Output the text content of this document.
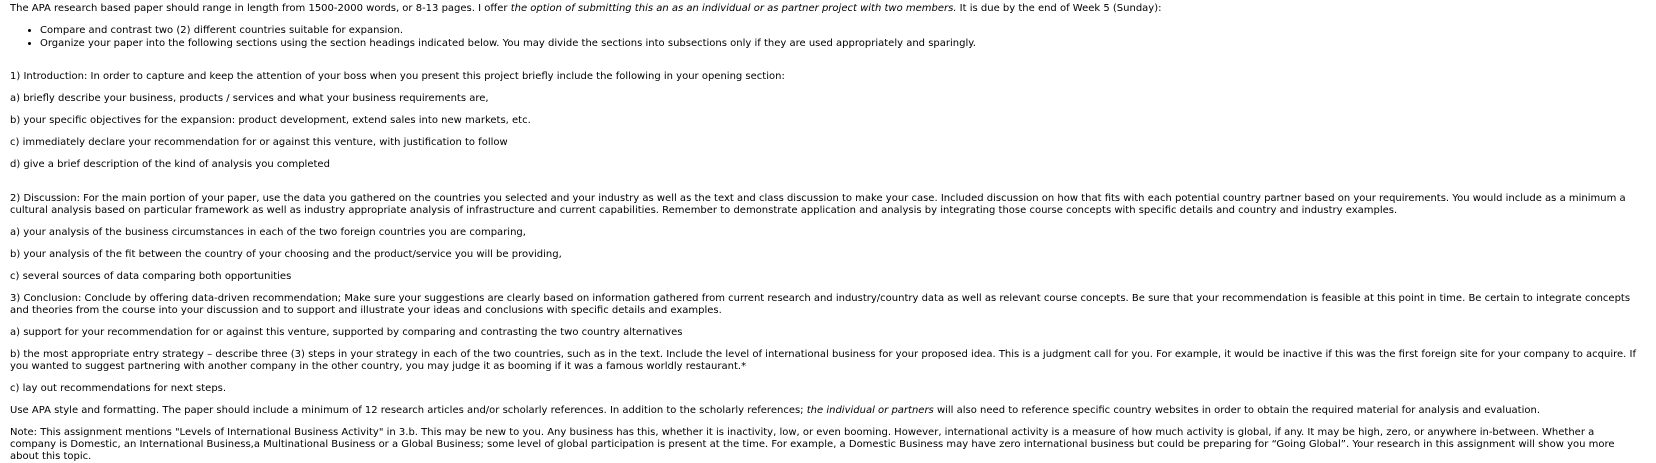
The APA research based paper should range in length from 1500-2000 words, or 8-13 pages. I offer the option of submitting this an as an individual or as partner project with two members. It is due by the end of Week 5 (Sunday):

• Compare and contrast two (2) different countries suitable for expansion.
• Organize your paper into the following sections using the section headings indicated below. You may divide the sections into subsections only if they are used appropriately and sparingly.

1) Introduction: In order to capture and keep the attention of your boss when you present this project briefly include the following in your opening section:

a) briefly describe your business, products / services and what your business requirements are,

b) your specific objectives for the expansion: product development, extend sales into new markets, etc.

c) immediately declare your recommendation for or against this venture, with justification to follow

d) give a brief description of the kind of analysis you completed

2) Discussion: For the main portion of your paper, use the data you gathered on the countries you selected and your industry as well as the text and class discussion to make your case. Included discussion on how that fits with each potential country partner based on your requirements. You would include as a minimum a cultural analysis based on particular framework as well as industry appropriate analysis of infrastructure and current capabilities. Remember to demonstrate application and analysis by integrating those course concepts with specific details and country and industry examples.

a) your analysis of the business circumstances in each of the two foreign countries you are comparing,

b) your analysis of the fit between the country of your choosing and the product/service you will be providing,

c) several sources of data comparing both opportunities

3) Conclusion: Conclude by offering data-driven recommendation; Make sure your suggestions are clearly based on information gathered from current research and industry/country data as well as relevant course concepts. Be sure that your recommendation is feasible at this point in time. Be certain to integrate concepts and theories from the course into your discussion and to support and illustrate your ideas and conclusions with specific details and examples.

a) support for your recommendation for or against this venture, supported by comparing and contrasting the two country alternatives

b) the most appropriate entry strategy – describe three (3) steps in your strategy in each of the two countries, such as in the text. Include the level of international business for your proposed idea. This is a judgment call for you. For example, it would be inactive if this was the first foreign site for your company to acquire. If you wanted to suggest partnering with another company in the other country, you may judge it as booming if it was a famous worldly restaurant.*

c) lay out recommendations for next steps.

Use APA style and formatting. The paper should include a minimum of 12 research articles and/or scholarly references. In addition to the scholarly references; the individual or partners will also need to reference specific country websites in order to obtain the required material for analysis and evaluation.

Note: This assignment mentions "Levels of International Business Activity" in 3.b. This may be new to you. Any business has this, whether it is inactivity, low, or even booming. However, international activity is a measure of how much activity is global, if any. It may be high, zero, or anywhere in-between. Whether a company is Domestic, an International Business,a Multinational Business or a Global Business; some level of global participation is present at the time. For example, a Domestic Business may have zero international business but could be preparing for “Going Global”. Your research in this assignment will show you more about this topic.
